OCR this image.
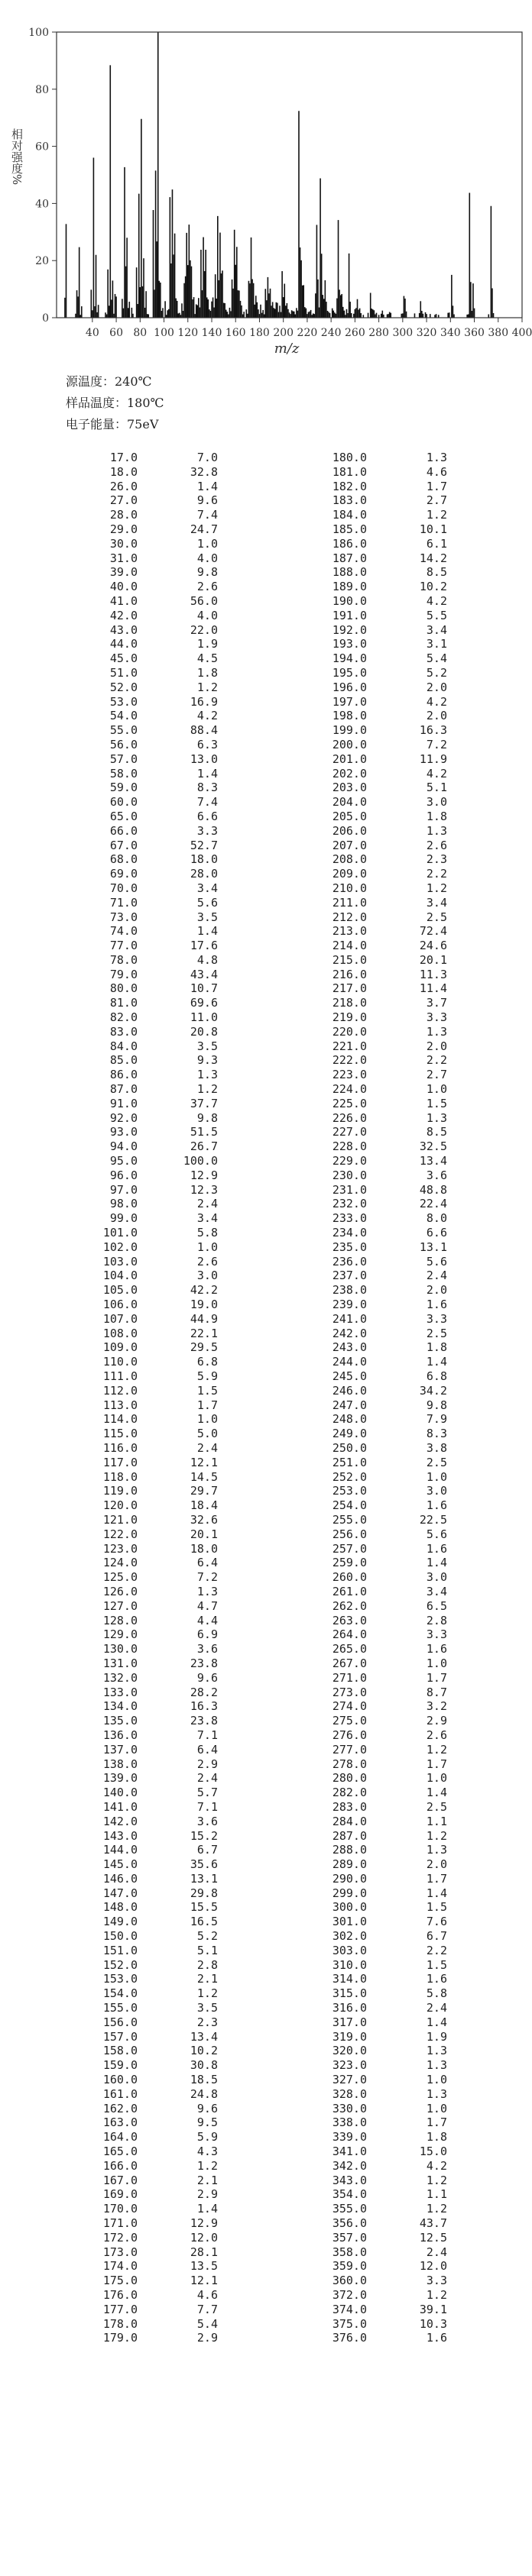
40 60 80 100 120 140 160 180 200 220 240 260 280 300 320 340 360 380 400
0
20
40
60
80
100
m/z
相对强度%
源温度：240℃
样品温度：180℃
电子能量：75eV
17.0	7.0
18.0	32.8
26.0	1.4
27.0	9.6
28.0	7.4
29.0	24.7
30.0	1.0
31.0	4.0
39.0	9.8
40.0	2.6
41.0	56.0
42.0	4.0
43.0	22.0
44.0	1.9
45.0	4.5
51.0	1.8
52.0	1.2
53.0	16.9
54.0	4.2
55.0	88.4
56.0	6.3
57.0	13.0
58.0	1.4
59.0	8.3
60.0	7.4
65.0	6.6
66.0	3.3
67.0	52.7
68.0	18.0
69.0	28.0
70.0	3.4
71.0	5.6
73.0	3.5
74.0	1.4
77.0	17.6
78.0	4.8
79.0	43.4
80.0	10.7
81.0	69.6
82.0	11.0
83.0	20.8
84.0	3.5
85.0	9.3
86.0	1.3
87.0	1.2
91.0	37.7
92.0	9.8
93.0	51.5
94.0	26.7
95.0	100.0
96.0	12.9
97.0	12.3
98.0	2.4
99.0	3.4
101.0	5.8
102.0	1.0
103.0	2.6
104.0	3.0
105.0	42.2
106.0	19.0
107.0	44.9
108.0	22.1
109.0	29.5
110.0	6.8
111.0	5.9
112.0	1.5
113.0	1.7
114.0	1.0
115.0	5.0
116.0	2.4
117.0	12.1
118.0	14.5
119.0	29.7
120.0	18.4
121.0	32.6
122.0	20.1
123.0	18.0
124.0	6.4
125.0	7.2
126.0	1.3
127.0	4.7
128.0	4.4
129.0	6.9
130.0	3.6
131.0	23.8
132.0	9.6
133.0	28.2
134.0	16.3
135.0	23.8
136.0	7.1
137.0	6.4
138.0	2.9
139.0	2.4
140.0	5.7
141.0	7.1
142.0	3.6
143.0	15.2
144.0	6.7
145.0	35.6
146.0	13.1
147.0	29.8
148.0	15.5
149.0	16.5
150.0	5.2
151.0	5.1
152.0	2.8
153.0	2.1
154.0	1.2
155.0	3.5
156.0	2.3
157.0	13.4
158.0	10.2
159.0	30.8
160.0	18.5
161.0	24.8
162.0	9.6
163.0	9.5
164.0	5.9
165.0	4.3
166.0	1.2
167.0	2.1
169.0	2.9
170.0	1.4
171.0	12.9
172.0	12.0
173.0	28.1
174.0	13.5
175.0	12.1
176.0	4.6
177.0	7.7
178.0	5.4
179.0	2.9
180.0	1.3
181.0	4.6
182.0	1.7
183.0	2.7
184.0	1.2
185.0	10.1
186.0	6.1
187.0	14.2
188.0	8.5
189.0	10.2
190.0	4.2
191.0	5.5
192.0	3.4
193.0	3.1
194.0	5.4
195.0	5.2
196.0	2.0
197.0	4.2
198.0	2.0
199.0	16.3
200.0	7.2
201.0	11.9
202.0	4.2
203.0	5.1
204.0	3.0
205.0	1.8
206.0	1.3
207.0	2.6
208.0	2.3
209.0	2.2
210.0	1.2
211.0	3.4
212.0	2.5
213.0	72.4
214.0	24.6
215.0	20.1
216.0	11.3
217.0	11.4
218.0	3.7
219.0	3.3
220.0	1.3
221.0	2.0
222.0	2.2
223.0	2.7
224.0	1.0
225.0	1.5
226.0	1.3
227.0	8.5
228.0	32.5
229.0	13.4
230.0	3.6
231.0	48.8
232.0	22.4
233.0	8.0
234.0	6.6
235.0	13.1
236.0	5.6
237.0	2.4
238.0	2.0
239.0	1.6
241.0	3.3
242.0	2.5
243.0	1.8
244.0	1.4
245.0	6.8
246.0	34.2
247.0	9.8
248.0	7.9
249.0	8.3
250.0	3.8
251.0	2.5
252.0	1.0
253.0	3.0
254.0	1.6
255.0	22.5
256.0	5.6
257.0	1.6
259.0	1.4
260.0	3.0
261.0	3.4
262.0	6.5
263.0	2.8
264.0	3.3
265.0	1.6
267.0	1.0
271.0	1.7
273.0	8.7
274.0	3.2
275.0	2.9
276.0	2.6
277.0	1.2
278.0	1.7
280.0	1.0
282.0	1.4
283.0	2.5
284.0	1.1
287.0	1.2
288.0	1.3
289.0	2.0
290.0	1.7
299.0	1.4
300.0	1.5
301.0	7.6
302.0	6.7
303.0	2.2
310.0	1.5
314.0	1.6
315.0	5.8
316.0	2.4
317.0	1.4
319.0	1.9
320.0	1.3
323.0	1.3
327.0	1.0
328.0	1.3
330.0	1.0
338.0	1.7
339.0	1.8
341.0	15.0
342.0	4.2
343.0	1.2
354.0	1.1
355.0	1.2
356.0	43.7
357.0	12.5
358.0	2.4
359.0	12.0
360.0	3.3
372.0	1.2
374.0	39.1
375.0	10.3
376.0	1.6
